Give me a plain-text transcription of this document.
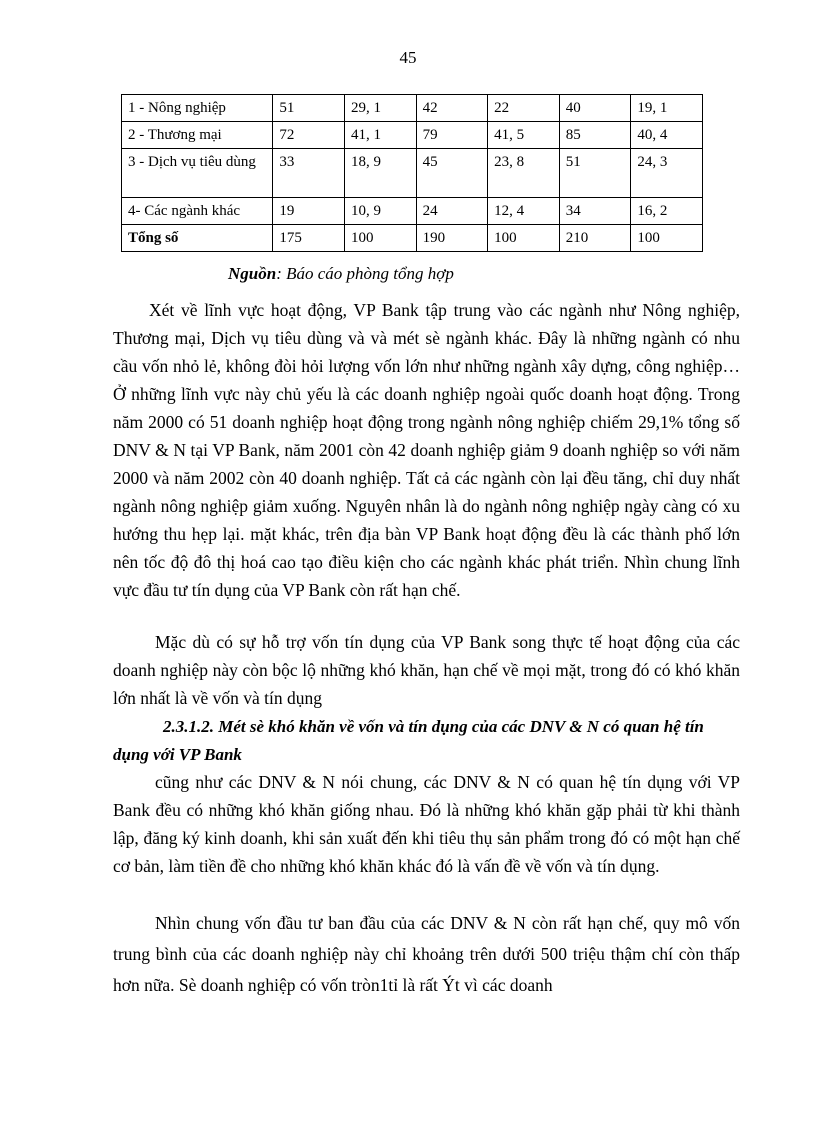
45
1 - Nông nghiệp	51	29, 1	42	22	40	19, 1
2 - Thương mại	72	41, 1	79	41, 5	85	40, 4
3 - Dịch vụ tiêu dùng	33	18, 9	45	23, 8	51	24, 3
4- Các ngành khác	19	10, 9	24	12, 4	34	16, 2
Tổng số	175	100	190	100	210	100
Nguồn: Báo cáo phòng tổng hợp
Xét về lĩnh vực hoạt động, VP Bank tập trung vào các ngành như Nông nghiệp, Thương mại, Dịch vụ tiêu dùng và và mét sè ngành khác. Đây là những ngành có nhu cầu vốn nhỏ lẻ, không đòi hỏi lượng vốn lớn như những ngành xây dựng, công nghiệp… Ở những lĩnh vực này chủ yếu là các doanh nghiệp ngoài quốc doanh hoạt động. Trong năm 2000 có 51 doanh nghiệp hoạt động trong ngành nông nghiệp chiếm 29,1% tổng số DNV & N tại VP Bank, năm 2001 còn 42 doanh nghiệp giảm 9 doanh nghiệp so với năm 2000 và năm 2002 còn 40 doanh nghiệp. Tất cả các ngành còn lại đều tăng, chỉ duy nhất ngành nông nghiệp giảm xuống. Nguyên nhân là do ngành nông nghiệp ngày càng có xu hướng thu hẹp lại. mặt khác, trên địa bàn VP Bank hoạt động đều là các thành phố lớn nên tốc độ đô thị hoá cao tạo điều kiện cho các ngành khác phát triển. Nhìn chung lĩnh vực đầu tư tín dụng của VP Bank còn rất hạn chế.
Mặc dù có sự hỗ trợ vốn tín dụng của VP Bank song thực tế hoạt động của các doanh nghiệp này còn bộc lộ những khó khăn, hạn chế về mọi mặt, trong đó có khó khăn lớn nhất là về vốn và tín dụng
2.3.1.2. Mét sè khó khăn về vốn và tín dụng của các DNV & N có quan hệ tín dụng với VP Bank
cũng như các DNV & N nói chung, các DNV & N có quan hệ tín dụng với VP Bank đều có những khó khăn giống nhau. Đó là những khó khăn gặp phải từ khi thành lập, đăng ký kinh doanh, khi sản xuất đến khi tiêu thụ sản phẩm trong đó có một hạn chế cơ bản, làm tiền đề cho những khó khăn khác đó là vấn đề về vốn và tín dụng.
Nhìn chung vốn đầu tư ban đầu của các DNV & N còn rất hạn chế, quy mô vốn trung bình của các doanh nghiệp này chỉ khoảng trên dưới 500 triệu thậm chí còn thấp hơn nữa. Sè doanh nghiệp có vốn tròn1tỉ là rất Ýt vì các doanh
